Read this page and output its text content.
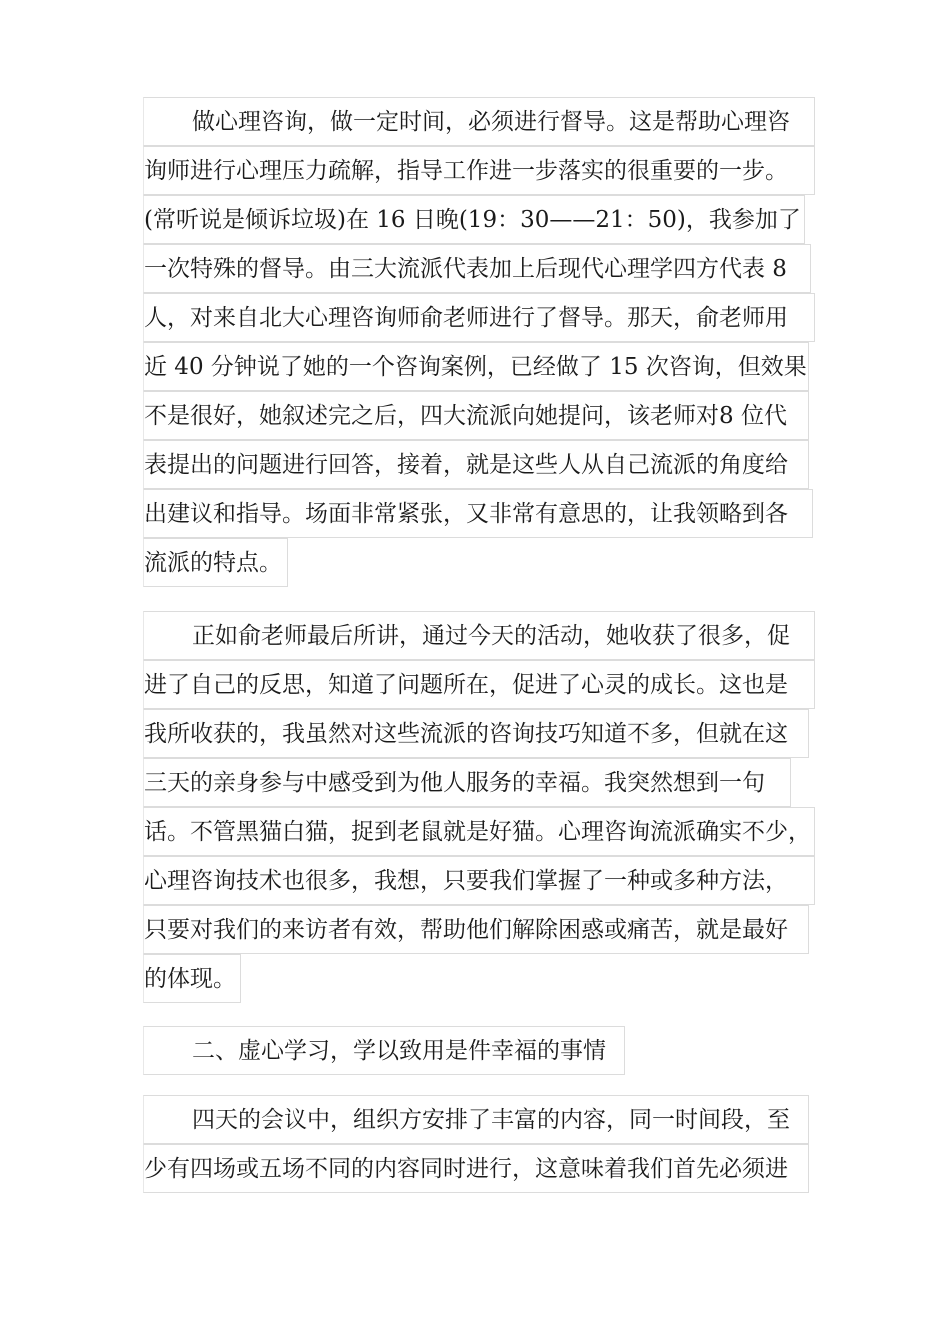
做心理咨询，做一定时间，必须进行督导。这是帮助心理咨
询师进行心理压力疏解，指导工作进一步落实的很重要的一步。
(常听说是倾诉垃圾)在 16 日晚(19：30——21：50)，我参加了
一次特殊的督导。由三大流派代表加上后现代心理学四方代表 8
人，对来自北大心理咨询师俞老师进行了督导。那天，俞老师用
近 40 分钟说了她的一个咨询案例，已经做了 15 次咨询，但效果
不是很好，她叙述完之后，四大流派向她提问，该老师对8 位代
表提出的问题进行回答，接着，就是这些人从自己流派的角度给
出建议和指导。场面非常紧张，又非常有意思的，让我领略到各
流派的特点。
正如俞老师最后所讲，通过今天的活动，她收获了很多，促
进了自己的反思，知道了问题所在，促进了心灵的成长。这也是
我所收获的，我虽然对这些流派的咨询技巧知道不多，但就在这
三天的亲身参与中感受到为他人服务的幸福。我突然想到一句
话。不管黑猫白猫，捉到老鼠就是好猫。心理咨询流派确实不少，
心理咨询技术也很多，我想，只要我们掌握了一种或多种方法，
只要对我们的来访者有效，帮助他们解除困惑或痛苦，就是最好
的体现。
二、虚心学习，学以致用是件幸福的事情
四天的会议中，组织方安排了丰富的内容，同一时间段，至
少有四场或五场不同的内容同时进行，这意味着我们首先必须进
